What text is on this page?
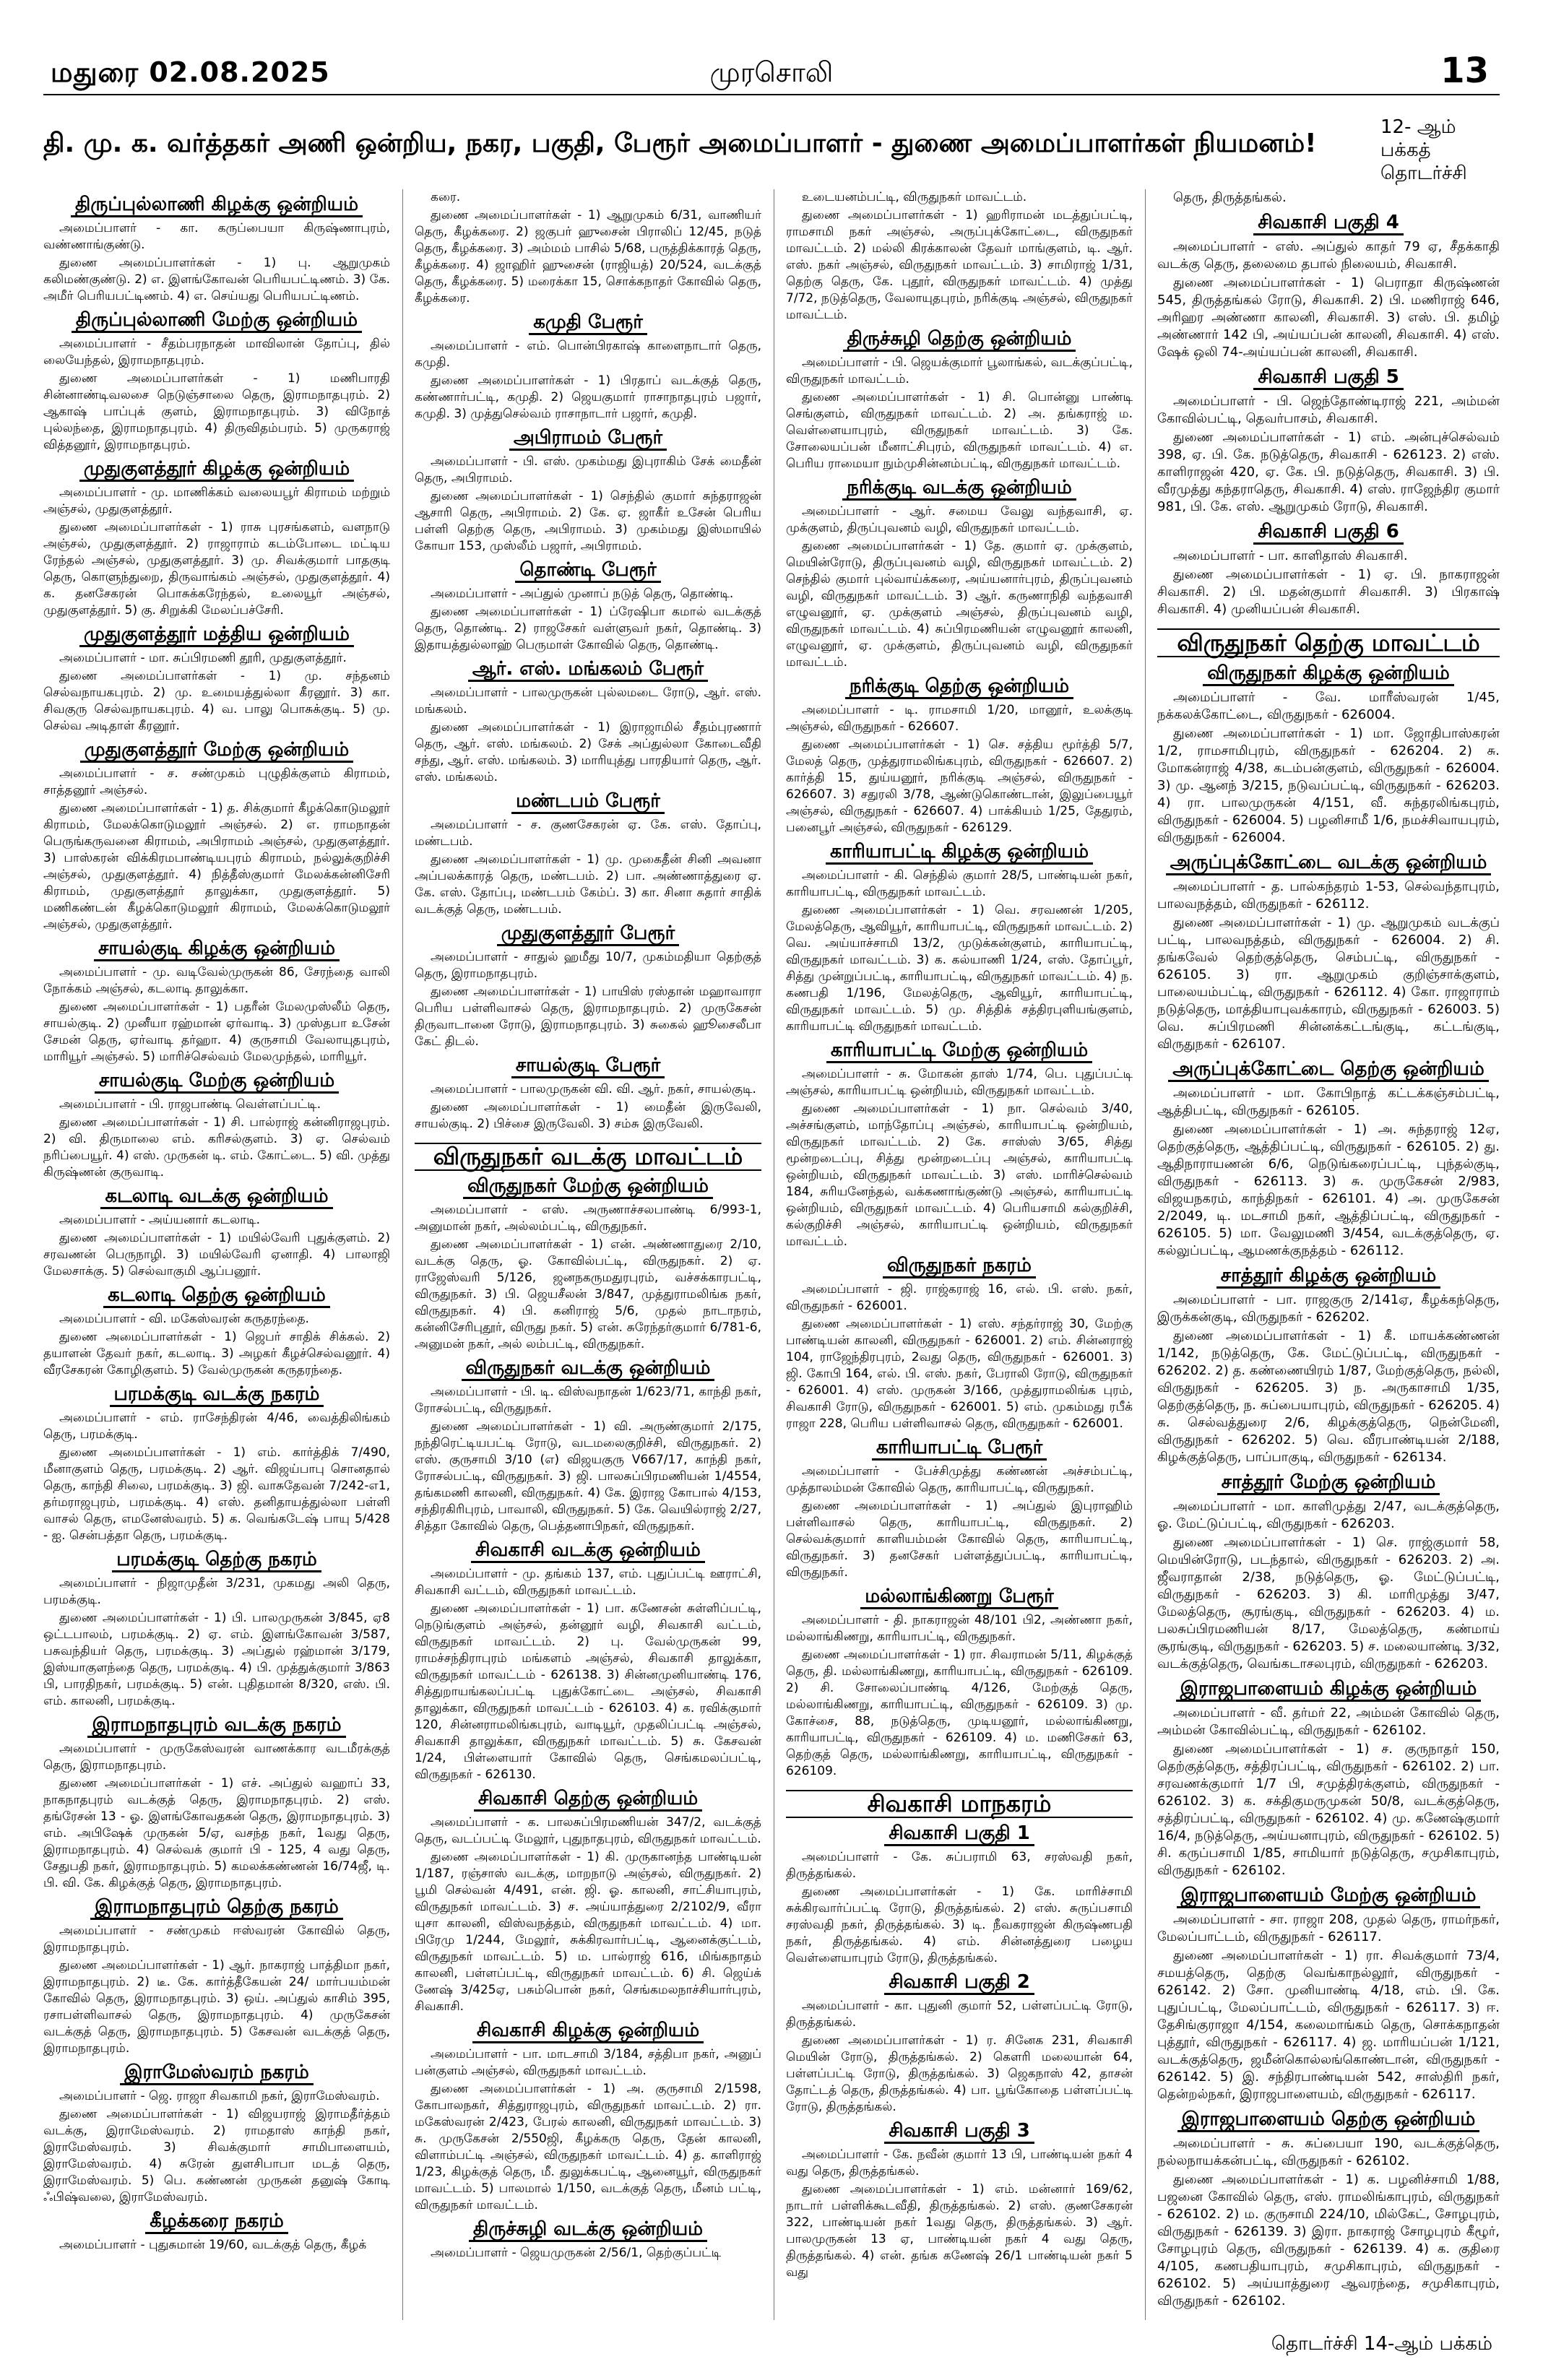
மதுரை 02.08.2025	முரசொலி	13
தி. மு. க. வர்த்தகர் அணி ஒன்றிய, நகர, பகுதி, பேரூர் அமைப்பாளர் - துணை அமைப்பாளர்கள் நியமனம்!
12- ஆம் பக்கத் தொடர்ச்சி
திருப்புல்லாணி கிழக்கு ஒன்றியம்

அமைப்பாளர் - கா. கருப்பையா கிருஷ்ணாபுரம், வண்ணாங்குண்டு.

துணை அமைப்பாளர்கள் - 1) பு. ஆறுமுகம் கலிமண்குண்டு. 2) எ. இளங்கோவன் பெரியபட்டிணம். 3) கே. அமீர் பெரியபட்டிணம். 4) எ. செய்யது பெரியபட்டிணம்.

திருப்புல்லாணி மேற்கு ஒன்றியம்

அமைப்பாளர் - சீதம்பரநாதன் மாவிலான் தோப்பு, தில் லையேந்தல், இராமநாதபுரம்.

துணை அமைப்பாளர்கள் - 1) மணிபாரதி சின்னாண்டிவலசை நெடுஞ்சாலை தெரு, இராமநாதபுரம். 2) ஆகாஷ் பாப்புக் குளம், இராமநாதபுரம். 3) விநோத் புல்லந்தை, இராமநாதபுரம். 4) திருவிதம்பரம். 5) முருகராஜ் வித்தனூர், இராமநாதபுரம்.

முதுகுளத்தூர் கிழக்கு ஒன்றியம்

அமைப்பாளர் - மு. மாணிக்கம் வலையபூர் கிராமம் மற்றும் அஞ்சல், முதுகுளத்தூர்.

துணை அமைப்பாளர்கள் - 1) ராசு புரசங்களம், வளநாடு அஞ்சல், முதுகுளத்தூர். 2) ராஜாராம் கடம்போடை மட்டிய ரேந்தல் அஞ்சல், முதுகுளத்தூர். 3) மு. சிவக்குமார் பாதகுடி தெரு, கொளுந்துறை, திருவாங்கம் அஞ்சல், முதுகுளத்தூர். 4) க. தனசேகரன் பொசுக்கரேந்தல், உலையூர் அஞ்சல், முதுகுளத்தூர். 5) கு. சிறுக்கி மேலப்பச்சேரி.

முதுகுளத்தூர் மத்திய ஒன்றியம்

அமைப்பாளர் - மா. சுப்பிரமணி தூரி, முதுகுளத்தூர்.

துணை அமைப்பாளர்கள் - 1) மு. சந்தனம் செல்வநாயகபுரம். 2) மு. உமையத்துல்லா கீரனூர். 3) கா. சிவகுரு செல்வநாயகபுரம். 4) வ. பாலு பொசுக்குடி. 5) மு. செல்வ அடிதாள் கீரனூர்.

முதுகுளத்தூர் மேற்கு ஒன்றியம்

அமைப்பாளர் - ச. சண்முகம் புழுதிக்குளம் கிராமம், சாத்தனூர் அஞ்சல்.

துணை அமைப்பாளர்கள் - 1) த. சிக்குமார் கீழக்கொடுமலூர் கிராமம், மேலக்கொடுமலூர் அஞ்சல். 2) எ. ராமநாதன் பெருங்கருவனை கிராமம், அபிராமம் அஞ்சல், முதுகுளத்தூர். 3) பாஸ்கரன் விக்கிரமபாண்டியபுரம் கிராமம், நல்லுக்குறிச்சி அஞ்சல், முதுகுளத்தூர். 4) நித்தீஸ்குமார் மேலக்கன்னிசேரி கிராமம், முதுகுளத்தூர் தாலுக்கா, முதுகுளத்தூர். 5) மணிகண்டன் கீழக்கொடுமலூர் கிராமம், மேலக்கொடுமலூர் அஞ்சல், முதுகுளத்தூர்.

சாயல்குடி கிழக்கு ஒன்றியம்

அமைப்பாளர் - மு. வடிவேல்முருகன் 86, சேரந்தை வாலி நோக்கம் அஞ்சல், கடலாடி தாலுக்கா.

துணை அமைப்பாளர்கள் - 1) பதரீன் மேலமுஸ்லீம் தெரு, சாயல்குடி. 2) முனீயா ரஹ்மான் ஏர்வாடி. 3) முஸ்தபா உசேன் சேமன் தெரு, ஏர்வாடி தர்ஹா. 4) குருசாமி வேலாயுதபுரம், மாரியூர் அஞ்சல். 5) மாரிச்செல்வம் மேலமுந்தல், மாரியூர்.

சாயல்குடி மேற்கு ஒன்றியம்

அமைப்பாளர் - பி. ராஜபாண்டி வெள்ளப்பட்டி.

துணை அமைப்பாளர்கள் - 1) சி. பால்ராஜ் கன்னிராஜபுரம். 2) வி. திருமாலை எம். கரிசல்குளம். 3) ஏ. செல்வம் நரிப்பையூர். 4) எஸ். முருகன் டி. எம். கோட்டை. 5) வி. முத்து கிருஷ்ணன் குருவாடி.

கடலாடி வடக்கு ஒன்றியம்

அமைப்பாளர் - அய்யனார் கடலாடி.

துணை அமைப்பாளர்கள் - 1) மயில்வேரி புதுக்குளம். 2) சரவணன் பெருநாழி. 3) மயில்வேரி ஏனாதி. 4) பாலாஜி மேலசாக்கு. 5) செல்வாகுமி ஆப்பனூர்.

கடலாடி தெற்கு ஒன்றியம்

அமைப்பாளர் - வி. மகேஸ்வரன் கருதரந்தை.

துணை அமைப்பாளர்கள் - 1) ஜெபர் சாதிக் சிக்கல். 2) தயாளன் தேவர் நகர், கடலாடி. 3) அழகர் கீழச்செல்வனூர். 4) வீரசேகரன் கோழிகுளம். 5) வேல்முருகன் கருதரந்தை.

பரமக்குடி வடக்கு நகரம்

அமைப்பாளர் - எம். ராசேந்திரன் 4/46, வைத்திலிங்கம் தெரு, பரமக்குடி.

துணை அமைப்பாளர்கள் - 1) எம். கார்த்திக் 7/490, மீனாகுளம் தெரு, பரமக்குடி. 2) ஆர். விஜய்பாபு சொனதால் தெரு, காந்தி சிலை, பரமக்குடி. 3) ஜி. வாசுதேவன் 7/242-எ1, தர்மராஜபுரம், பரமக்குடி. 4) எஸ். தனிதாயத்துல்லா பள்ளி வாசல் தெரு, எமனேஸ்வரம். 5) க. வெங்கடேஷ் பாயு 5/428 - ஐ. சென்பத்தா தெரு, பரமக்குடி.

பரமக்குடி தெற்கு நகரம்

அமைப்பாளர் - நிஜாமுதீன் 3/231, முகமது அலி தெரு, பரமக்குடி.

துணை அமைப்பாளர்கள் - 1) பி. பாலமுருகன் 3/845, ஏ8 ஒட்டபாலம், பரமக்குடி. 2) ஏ. எம். இளங்கோவன் 3/587, பசுவந்தியர் தெரு, பரமக்குடி. 3) அப்துல் ரஹ்மான் 3/179, இஸ்யாகுளந்தை தெரு, பரமக்குடி. 4) பி. முத்துக்குமார் 3/863 பி, பாரதிநகர், பரமக்குடி. 5) என். புதிதமான் 8/320, எஸ். பி. எம். காலனி, பரமக்குடி.

இராமநாதபுரம் வடக்கு நகரம்

அமைப்பாளர் - முருகேஸ்வரன் வாணக்கார வடமீரக்குத் தெரு, இராமநாதபுரம்.

துணை அமைப்பாளர்கள் - 1) எச். அப்துல் வஹாப் 33, நாகநாதபுரம் வடக்குத் தெரு, இராமநாதபுரம். 2) எஸ். தங்ரேசன் 13 - ஓ. இளங்கோவதகன் தெரு, இராமநாதபுரம். 3) எம். அபிஷேக் முருகன் 5/ஏ, வசந்த நகர், 1வது தெரு, இராமநாதபுரம். 4) செல்வக் குமார் பி - 125, 4 வது தெரு, சேதுபதி நகர், இராமநாதபுரம். 5) கமலக்கண்ணன் 16/74ஜீ, டி. பி. வி. கே. கிழக்குத் தெரு, இராமநாதபுரம்.

இராமநாதபுரம் தெற்கு நகரம்

அமைப்பாளர் - சண்முகம் ஈஸ்வரன் கோவில் தெரு, இராமநாதபுரம்.

துணை அமைப்பாளர்கள் - 1) ஆர். நாகராஜ் பாத்திமா நகர், இராமநாதபுரம். 2) டீ. கே. கார்த்தீகேயன் 24/ மார்பயம்மன் கோவில் தெரு, இராமநாதபுரம். 3) ஒய். அப்துல் காசிம் 395, ரசாபள்ளிவாசல் தெரு, இராமநாதபுரம். 4) முருகேசன் வடக்குத் தெரு, இராமநாதபுரம். 5) கேசவன் வடக்குத் தெரு, இராமநாதபுரம்.

இராமேஸ்வரம் நகரம்

அமைப்பாளர் - ஜெ. ராஜா சிவகாமி நகர், இராமேஸ்வரம்.

துணை அமைப்பாளர்கள் - 1) விஜயராஜ் இராமதீர்த்தம் வடக்கு, இராமேஸ்வரம். 2) ராமதாஸ் காந்தி நகர், இராமேஸ்வரம். 3) சிவக்குமார் சாமிபாளையம், இராமேஸ்வரம். 4) சுரேன் துளசிபாபா மடத் தெரு, இராமேஸ்வரம். 5) பெ. கண்ணன் முருகன் தனுஷ் கோடி ஃபிஷ்வலை, இராமேஸ்வரம்.

கீழக்கரை நகரம்

அமைப்பாளர் - புதுசுமான் 19/60, வடக்குத் தெரு, கீழக்

கரை.

துணை அமைப்பாளர்கள் - 1) ஆறுமுகம் 6/31, வாணியர் தெரு, கீழக்கரை. 2) ஜகுபர் ஹுசைன் பிராலிப் 12/45, நடுத் தெரு, கீழக்கரை. 3) அம்மம் பாசில் 5/68, பருத்திக்காரத் தெரு, கீழக்கரை. 4) ஜாஹிர் ஹுசைன் (ராஜியத்) 20/524, வடக்குத் தெரு, கீழக்கரை. 5) மரைக்கா 15, சொக்கநாதர் கோவில் தெரு, கீழக்கரை.

கமுதி பேரூர்

அமைப்பாளர் - எம். பொன்பிரகாஷ் காளைநாடார் தெரு, கமுதி.

துணை அமைப்பாளர்கள் - 1) பிரதாப் வடக்குத் தெரு, கண்ணார்பட்டி, கமுதி. 2) ஜெயகுமார் ராசாநாதபுரம் பஜார், கமுதி. 3) முத்துசெல்வம் ராசாநாடார் பஜார், கமுதி.

அபிராமம் பேரூர்

அமைப்பாளர் - பி. எஸ். முகம்மது இபுராகிம் சேக் மைதீன் தெரு, அபிராமம்.

துணை அமைப்பாளர்கள் - 1) செந்தில் குமார் சுந்தராஜன் ஆசாரி தெரு, அபிராமம். 2) கே. ஏ. ஜாகீர் உசேன் பெரிய பள்ளி தெற்கு தெரு, அபிராமம். 3) முகம்மது இஸ்மாயில் கோயா 153, முஸ்லீம் பஜார், அபிராமம்.

தொண்டி பேரூர்

அமைப்பாளர் - அப்துல் முனாப் நடுத் தெரு, தொண்டி.

துணை அமைப்பாளர்கள் - 1) ப்ரேஷிபா கமால் வடக்குத் தெரு, தொண்டி. 2) ராஜசேகர் வள்ளுவர் நகர், தொண்டி. 3) இதாயத்துல்லாஹ் பெருமாள் கோவில் தெரு, தொண்டி.

ஆர். எஸ். மங்கலம் பேரூர்

அமைப்பாளர் - பாலமுருகன் புல்லமடை ரோடு, ஆர். எஸ். மங்கலம்.

துணை அமைப்பாளர்கள் - 1) இராஜாமில் சீதம்புரணார் தெரு, ஆர். எஸ். மங்கலம். 2) சேக் அப்துல்லா கோடைவீதி சந்து, ஆர். எஸ். மங்கலம். 3) மாரியுத்து பாரதியார் தெரு, ஆர். எஸ். மங்கலம்.

மண்டபம் பேரூர்

அமைப்பாளர் - ச. குணசேகரன் ஏ. கே. எஸ். தோப்பு, மண்டபம்.

துணை அமைப்பாளர்கள் - 1) மு. முகைதீன் சினி அவனா அப்பலக்காரத் தெரு, மண்டபம். 2) பா. அண்ணாத்துரை ஏ. கே. எஸ். தோப்பு, மண்டபம் கேம்ப். 3) கா. சினா சுதார் சாதிக் வடக்குத் தெரு, மண்டபம்.

முதுகுளத்தூர் பேரூர்

அமைப்பாளர் - சாதுல் ஹமீது 10/7, முகம்மதியா தெற்குத் தெரு, இராமநாதபுரம்.

துணை அமைப்பாளர்கள் - 1) பாயிஸ் ரஸ்தான் மஹாவாரா பெரிய பள்ளிவாசல் தெரு, இராமநாதபுரம். 2) முருகேசன் திருவாடானை ரோடு, இராமநாதபுரம். 3) சுகைல் ஹூசைலீபா கேட் திடல்.

சாயல்குடி பேரூர்

அமைப்பாளர் - பாலமுருகன் வி. வி. ஆர். நகர், சாயல்குடி.

துணை அமைப்பாளர்கள் - 1) மைதீன் இருவேலி, சாயல்குடி. 2) பிச்சை இருவேலி. 3) சம்சு இருவேலி.

விருதுநகர் வடக்கு மாவட்டம்
விருதுநகர் மேற்கு ஒன்றியம்

அமைப்பாளர் - எஸ். அருணாச்சலபாண்டி 6/993-1, அனுமான் நகர், அல்லம்பட்டி, விருதுநகர்.

துணை அமைப்பாளர்கள் - 1) என். அண்ணாதுரை 2/10, வடக்கு தெரு, ஓ. கோவில்பட்டி, விருதுநகர். 2) ஏ. ராஜேஸ்வரி 5/126, ஜனநகருமதுரபுரம், வச்சக்காரபட்டி, விருதுநகர். 3) பி. ஜெயசீலன் 3/847, முத்துராமலிங்க நகர், விருதுநகர். 4) பி. கனிராஜ் 5/6, முதல் நாடாநரம், கன்னிசேரிபுதூர், விருது நகர். 5) என். சுரேந்தர்குமார் 6/781-6, அனுமன் நகர், அல் லம்பட்டி, விருதுநகர்.

விருதுநகர் வடக்கு ஒன்றியம்

அமைப்பாளர் - பி. டி. விஸ்வநாதன் 1/623/71, காந்தி நகர், ரோசல்பட்டி, விருதுநகர்.

துணை அமைப்பாளர்கள் - 1) வி. அருண்குமார் 2/175, நந்திரெட்டியபட்டி ரோடு, வடமலைகுறிச்சி, விருதுநகர். 2) எஸ். குருசாமி 3/10 (எ) விஜயகுரு V667/17, காந்தி நகர், ரோசல்பட்டி, விருதுநகர். 3) ஜி. பாலசுப்பிரமணியன் 1/4554, தங்கமணி காலனி, விருதுநகர். 4) கே. இராஜ கோபால் 4/153, சந்திரகிரிபுரம், பாவாலி, விருதுநகர். 5) கே. வெயில்ராஜ் 2/27, சித்தா கோவில் தெரு, பெத்தனாபிநகர், விருதுநகர்.

சிவகாசி வடக்கு ஒன்றியம்

அமைப்பாளர் - மு. தங்கம் 137, எம். புதுப்பட்டி ஊராட்சி, சிவகாசி வட்டம், விருதுநகர் மாவட்டம்.

துணை அமைப்பாளர்கள் - 1) பா. கணேசன் சுள்ளிப்பட்டி, நெடுங்குளம் அஞ்சல், தன்னூர் வழி, சிவகாசி வட்டம், விருதுநகர் மாவட்டம். 2) பு. வேல்முருகன் 99, ராமச்சந்திராபுரம் மங்களம் அஞ்சல், சிவகாசி தாலுக்கா, விருதுநகர் மாவட்டம் - 626138. 3) சின்னமுனியாண்டி 176, சித்துறாயங்கலப்பட்டி புதுக்கோட்டை அஞ்சல், சிவகாசி தாலுக்கா, விருதுநகர் மாவட்டம் - 626103. 4) க. ரவிக்குமார் 120, சின்னராமலிங்கபுரம், வாடியூர், முதலிப்பட்டி அஞ்சல், சிவகாசி தாலுக்கா, விருதுநகர் மாவட்டம். 5) சு. கேசவன் 1/24, பிள்ளையார் கோவில் தெரு, செங்கமலப்பட்டி, விருதுநகர் - 626130.

சிவகாசி தெற்கு ஒன்றியம்

அமைப்பாளர் - க. பாலசுப்பிரமணியன் 347/2, வடக்குத் தெரு, வடப்பட்டி மேலூர், புதுநாதபுரம், விருதுநகர் மாவட்டம்.

துணை அமைப்பாளர்கள் - 1) கி. முருகானந்த பாண்டியன் 1/187, ரஞ்சாஸ் வடக்கு, மாறநாடு அஞ்சல், விருதுநகர். 2) பூமி செல்வன் 4/491, என். ஜி. ஓ. காலனி, சாட்சியாபுரம், விருதுநகர் மாவட்டம். 3) ச. அய்யாத்துரை 2/2102/9, வீரா யுசா காலனி, விஸ்வநத்தம், விருதுநகர் மாவட்டம். 4) மா. பிரேமு 1/244, மேலூர், சுக்கிரவார்பட்டி, ஆனைக்குட்டம், விருதுநகர் மாவட்டம். 5) ம. பால்ராஜ் 616, மிங்கநாதம் காலனி, பள்ளப்பட்டி, விருதுநகர் மாவட்டம். 6) சி. ஜெய்க் ணேஷ் 3/425ஏ, பசும்பொன் நகர், செங்கமலநாச்சியார்புரம், சிவகாசி.

சிவகாசி கிழக்கு ஒன்றியம்

அமைப்பாளர் - பா. மாடசாமி 3/184, சத்திபா நகர், அனுப் பன்குளம் அஞ்சல், விருதுநகர் மாவட்டம்.

துணை அமைப்பாளர்கள் - 1) அ. குருசாமி 2/1598, கோபாலநகர், சித்துராஜபுரம், விருதுநகர் மாவட்டம். 2) ரா. மகேஸ்வரன் 2/423, பேரல் காலனி, விருதுநகர் மாவட்டம். 3) சு. முருகேசன் 2/550ஜி, கீழக்கரு தெரு, தேன் காலனி, விளாம்பட்டி அஞ்சல், விருதுநகர் மாவட்டம். 4) த. காளிராஜ் 1/23, கிழக்குத் தெரு, மீ. துலுக்கபட்டி, ஆனையூர், விருதுநகர் மாவட்டம். 5) பாலமால் 1/150, வடக்குத் தெரு, மீனம் பட்டி, விருதுநகர் மாவட்டம்.

திருச்சுழி வடக்கு ஒன்றியம்

அமைப்பாளர் - ஜெயமுருகன் 2/56/1, தெற்குப்பட்டி

உடையனம்பட்டி, விருதுநகர் மாவட்டம்.

துணை அமைப்பாளர்கள் - 1) ஹரிராமன் மடத்துப்பட்டி, ராமசாமி நகர் அஞ்சல், அருப்புக்கோட்டை, விருதுநகர் மாவட்டம். 2) மல்லி கிரக்காலன் தேவர் மாங்குளம், டி. ஆர். எஸ். நகர் அஞ்சல், விருதுநகர் மாவட்டம். 3) சாமிராஜ் 1/31, தெற்கு தெரு, கே. புதூர், விருதுநகர் மாவட்டம். 4) முத்து 7/72, நடுத்தெரு, வேலாயுதபுரம், நரிக்குடி அஞ்சல், விருதுநகர் மாவட்டம்.

திருச்சுழி தெற்கு ஒன்றியம்

அமைப்பாளர் - பி. ஜெயக்குமார் பூலாங்கல், வடக்குப்பட்டி, விருதுநகர் மாவட்டம்.

துணை அமைப்பாளர்கள் - 1) சி. பொன்னு பாண்டி செங்குளம், விருதுநகர் மாவட்டம். 2) அ. தங்கராஜ் ம. வெள்ளையாபுரம், விருதுநகர் மாவட்டம். 3) கே. சோலையப்பன் மீனாட்சிபுரம், விருதுநகர் மாவட்டம். 4) எ. பெரிய ராமையா நும்முசின்னம்பட்டி, விருதுநகர் மாவட்டம்.

நரிக்குடி வடக்கு ஒன்றியம்

அமைப்பாளர் - ஆர். சமைய வேலு வந்தவாசி, ஏ. முக்குளம், திருப்புவனம் வழி, விருதுநகர் மாவட்டம்.

துணை அமைப்பாளர்கள் - 1) தே. குமார் ஏ. முக்குளம், மெயின்ரோடு, திருப்புவனம் வழி, விருதுநகர் மாவட்டம். 2) செந்தில் குமார் புல்வாய்க்கரை, அய்யனார்புரம், திருப்புவனம் வழி, விருதுநகர் மாவட்டம். 3) ஆர். கருணாநிதி வந்தவாசி எழுவனூர், ஏ. முக்குளம் அஞ்சல், திருப்புவனம் வழி, விருதுநகர் மாவட்டம். 4) சுப்பிரமணியன் எழுவனூர் காலனி, எழுவனூர், ஏ. முக்குளம், திருப்புவனம் வழி, விருதுநகர் மாவட்டம்.

நரிக்குடி தெற்கு ஒன்றியம்

அமைப்பாளர் - டி. ராமசாமி 1/20, மானூர், உலக்குடி அஞ்சல், விருதுநகர் - 626607.

துணை அமைப்பாளர்கள் - 1) செ. சத்திய மூர்த்தி 5/7, மேலத் தெரு, முத்துராமலிங்கபுரம், விருதுநகர் - 626607. 2) கார்த்தி 15, துய்யனூர், நரிக்குடி அஞ்சல், விருதுநகர் - 626607. 3) சதுரலி 3/78, ஆண்டுகொண்டான், இலுப்பையூர் அஞ்சல், விருதுநகர் - 626607. 4) பாக்கியம் 1/25, தேதுரம், பனைபூர் அஞ்சல், விருதுநகர் - 626129.

காரியாபட்டி கிழக்கு ஒன்றியம்

அமைப்பாளர் - கி. செந்தில் குமார் 28/5, பாண்டியன் நகர், காரியாபட்டி, விருதுநகர் மாவட்டம்.

துணை அமைப்பாளர்கள் - 1) வெ. சரவணன் 1/205, மேலத்தெரு, ஆவியூர், காரியாபட்டி, விருதுநகர் மாவட்டம். 2) வெ. அய்யாச்சாமி 13/2, முடுக்கன்குளம், காரியாபட்டி, விருதுநகர் மாவட்டம். 3) க. கல்யாணி 1/24, எஸ். தோப்பூர், சித்து முன்றுப்பட்டி, காரியாபட்டி, விருதுநகர் மாவட்டம். 4) ந. கணபதி 1/196, மேலத்தெரு, ஆவியூர், காரியாபட்டி, விருதுநகர் மாவட்டம். 5) மு. சித்திக் சத்திரபுளியங்குளம், காரியாபட்டி விருதுநகர் மாவட்டம்.

காரியாபட்டி மேற்கு ஒன்றியம்

அமைப்பாளர் - சு. மோகன் தாஸ் 1/74, பெ. புதுப்பட்டி அஞ்சல், காரியாபட்டி ஒன்றியம், விருதுநகர் மாவட்டம்.

துணை அமைப்பாளர்கள் - 1) நா. செல்வம் 3/40, அச்சங்குளம், மாந்தோப்பு அஞ்சல், காரியாபட்டி ஒன்றியம், விருதுநகர் மாவட்டம். 2) கே. சாஸ்ஸ் 3/65, சித்து மூன்றடைப்பு, சித்து மூன்றடைப்பு அஞ்சல், காரியாபட்டி ஒன்றியம், விருதுநகர் மாவட்டம். 3) எஸ். மாரிச்செல்வம் 184, சுரியனேந்தல், வக்கணாங்குண்டு அஞ்சல், காரியாபட்டி ஒன்றியம், விருதுநகர் மாவட்டம். 4) பெரியசாமி கல்குறிச்சி, கல்குறிச்சி அஞ்சல், காரியாபட்டி ஒன்றியம், விருதுநகர் மாவட்டம்.

விருதுநகர் நகரம்

அமைப்பாளர் - ஜி. ராஜ்கராஜ் 16, எல். பி. எஸ். நகர், விருதுநகர் - 626001.

துணை அமைப்பாளர்கள் - 1) எஸ். சந்தர்ராஜ் 30, மேற்கு பாண்டியன் காலனி, விருதுநகர் - 626001. 2) எம். சின்னராஜ் 104, ராஜேந்திரபுரம், 2வது தெரு, விருதுநகர் - 626001. 3) ஜி. கோபி 164, எல். பி. எஸ். நகர், பேராலி ரோடு, விருதுநகர் - 626001. 4) எஸ். முருகன் 3/166, முத்துராமலிங்க புரம், சிவகாசி ரோடு, விருதுநகர் - 626001. 5) எம். முகம்மது ரபீக் ராஜா 228, பெரிய பள்ளிவாசல் தெரு, விருதுநகர் - 626001.

காரியாபட்டி பேரூர்

அமைப்பாளர் - பேச்சிமுத்து கண்ணன் அச்சம்பட்டி, முத்தாலம்மன் கோவில் தெரு, காரியாபட்டி, விருதுநகர்.

துணை அமைப்பாளர்கள் - 1) அப்துல் இபுராஹிம் பள்ளிவாசல் தெரு, காரியாபட்டி, விருதுநகர். 2) செல்வக்குமார் காளியம்மன் கோவில் தெரு, காரியாபட்டி, விருதுநகர். 3) தனசேகர் பள்ளத்துப்பட்டி, காரியாபட்டி, விருதுநகர்.

மல்லாங்கிணறு பேரூர்

அமைப்பாளர் - தி. நாகராஜன் 48/101 பி2, அண்ணா நகர், மல்லாங்கிணறு, காரியாபட்டி, விருதுநகர்.

துணை அமைப்பாளர்கள் - 1) ரா. சிவராமன் 5/11, கிழக்குத் தெரு, தி. மல்லாங்கிணறு, காரியாபட்டி, விருதுநகர் - 626109. 2) சி. சோலைப்பாண்டி 4/126, மேற்குத் தெரு, மல்லாங்கிணறு, காரியாபட்டி, விருதுநகர் - 626109. 3) மு. கோச்சை, 88, நடுத்தெரு, முடியனூர், மல்லாங்கிணறு, காரியாபட்டி, விருதுநகர் - 626109. 4) ம. மணிசேகர் 63, தெற்குத் தெரு, மல்லாங்கிணறு, காரியாபட்டி, விருதுநகர் - 626109.

சிவகாசி மாநகரம்
சிவகாசி பகுதி 1

அமைப்பாளர் - கே. சுப்பராமி 63, சரஸ்வதி நகர், திருத்தங்கல்.

துணை அமைப்பாளர்கள் - 1) கே. மாரிச்சாமி சுக்கிரவார்ப்பட்டி ரோடு, திருத்தங்கல். 2) எஸ். சுருப்பசாமி சரஸ்வதி நகர், திருத்தங்கல். 3) டி. நீவகராஜன் கிருஷ்ணபதி நகர், திருத்தங்கல். 4) எம். சின்னத்துரை பழைய வெள்ளையாபுரம் ரோடு, திருத்தங்கல்.

சிவகாசி பகுதி 2

அமைப்பாளர் - கா. புதுனி குமார் 52, பள்ளப்பட்டி ரோடு, திருத்தங்கல்.

துணை அமைப்பாளர்கள் - 1) ர. சினேக 231, சிவகாசி மெயின் ரோடு, திருத்தங்கல். 2) கௌரி மலையான் 64, பள்ளப்பட்டி ரோடு, திருத்தங்கல். 3) ஜெகநாஸ் 42, தாசன் தோட்டத் தெரு, திருத்தங்கல். 4) பா. பூங்கோதை பள்ளப்பட்டி ரோடு, திருத்தங்கல்.

சிவகாசி பகுதி 3

அமைப்பாளர் - கே. நவீன் குமார் 13 பி, பாண்டியன் நகர் 4 வது தெரு, திருத்தங்கல்.

துணை அமைப்பாளர்கள் - 1) எம். மன்னார் 169/62, நாடார் பள்ளிக்கூடவீதி, திருத்தங்கல். 2) எஸ். குணசேகரன் 322, பாண்டியன் நகர் 1வது தெரு, திருத்தங்கல். 3) ஆர். பாலமுருகன் 13 ஏ, பாண்டியன் நகர் 4 வது தெரு, திருத்தங்கல். 4) என். தங்க கணேஷ் 26/1 பாண்டியன் நகர் 5 வது

தெரு, திருத்தங்கல்.

சிவகாசி பகுதி 4

அமைப்பாளர் - எஸ். அப்துல் காதர் 79 ஏ, சீதக்காதி வடக்கு தெரு, தலைமை தபால் நிலையம், சிவகாசி.

துணை அமைப்பாளர்கள் - 1) பெராதா கிருஷ்ணன் 545, திருத்தங்கல் ரோடு, சிவகாசி. 2) பி. மணிராஜ் 646, அரிஹர அண்ணா காலனி, சிவகாசி. 3) எஸ். பி. தமிழ் அண்ணார் 142 பி, அய்யப்பன் காலனி, சிவகாசி. 4) எஸ். ஷேக் ஒலி 74-அய்யப்பன் காலனி, சிவகாசி.

சிவகாசி பகுதி 5

அமைப்பாளர் - பி. ஜெந்தோண்டிராஜ் 221, அம்மன் கோவில்பட்டி, தெவர்பாசம், சிவகாசி.

துணை அமைப்பாளர்கள் - 1) எம். அன்புச்செல்வம் 398, ஏ. பி. கே. நடுத்தெரு, சிவகாசி - 626123. 2) எஸ். காளிராஜன் 420, ஏ. கே. பி. நடுத்தெரு, சிவகாசி. 3) பி. வீரமுத்து கந்தராதெரு, சிவகாசி. 4) எஸ். ராஜேந்திர குமார் 981, பி. கே. எஸ். ஆறுமுகம் ரோடு, சிவகாசி.

சிவகாசி பகுதி 6

அமைப்பாளர் - பா. காளிதாஸ் சிவகாசி.

துணை அமைப்பாளர்கள் - 1) ஏ. பி. நாகராஜன் சிவகாசி. 2) பி. மதன்குமார் சிவகாசி. 3) பிரகாஷ் சிவகாசி. 4) முனியப்பன் சிவகாசி.

விருதுநகர் தெற்கு மாவட்டம்
விருதுநகர் கிழக்கு ஒன்றியம்

அமைப்பாளர் - வே. மாரீஸ்வரன் 1/45, நக்கலக்கோட்டை, விருதுநகர் - 626004.

துணை அமைப்பாளர்கள் - 1) மா. ஜோதிபாஸ்கரன் 1/2, ராமசாமிபுரம், விருதுநகர் - 626204. 2) சு. மோகன்ராஜ் 4/38, கடம்பன்குளம், விருதுநகர் - 626004. 3) மு. ஆனந் 3/215, நடுவப்பட்டி, விருதுநகர் - 626203. 4) ரா. பாலமுருகன் 4/151, வீ. சுந்தரலிங்கபுரம், விருதுநகர் - 626004. 5) பழனிசாமீ 1/6, நமச்சிவாயபுரம், விருதுநகர் - 626004.

அருப்புக்கோட்டை வடக்கு ஒன்றியம்

அமைப்பாளர் - த. பால்கந்தரம் 1-53, செல்வந்தாபுரம், பாலவநத்தம், விருதுநகர் - 626112.

துணை அமைப்பாளர்கள் - 1) மு. ஆறுமுகம் வடக்குப் பட்டி, பாலவநத்தம், விருதுநகர் - 626004. 2) சி. தங்கவேல் தெற்குத்தெரு, செம்பட்டி, விருதுநகர் - 626105. 3) ரா. ஆறுமுகம் குறிஞ்சாக்குளம், பாலையம்பட்டி, விருதுநகர் - 626112. 4) கோ. ராஜாராம் நடுத்தெரு, மாத்தியாபுவக்காரம், விருதுநகர் - 626003. 5) வெ. சுப்பிரமணி சின்னக்கட்டங்குடி, கட்டங்குடி, விருதுநகர் - 626107.

அருப்புக்கோட்டை தெற்கு ஒன்றியம்

அமைப்பாளர் - மா. கோபிநாத் கட்டக்கஞ்சம்பட்டி, ஆத்திபட்டி, விருதுநகர் - 626105.

துணை அமைப்பாளர்கள் - 1) அ. சுந்தராஜ் 12ஏ, தெற்குத்தெரு, ஆத்திப்பட்டி, விருதுநகர் - 626105. 2) து. ஆதிநாராயணன் 6/6, நெடுங்கரைப்பட்டி, புந்தல்குடி, விருதுநகர் - 626113. 3) சு. முருகேசன் 2/983, விஜயநகரம், காந்திநகர் - 626101. 4) அ. முருகேசன் 2/2049, டி. மடசாமி நகர், ஆத்திப்பட்டி, விருதுநகர் - 626105. 5) மா. வேலுமணி 3/454, வடக்குத்தெரு, ஏ. கல்லுப்பட்டி, ஆமணக்குநத்தம் - 626112.

சாத்தூர் கிழக்கு ஒன்றியம்

அமைப்பாளர் - பா. ராஜகுரு 2/141ஏ, கீழக்கந்தெரு, இருக்கன்குடி, விருதுநகர் - 626202.

துணை அமைப்பாளர்கள் - 1) கீ. மாயக்கண்ணன் 1/142, நடுத்தெரு, கே. மேட்டுப்பட்டி, விருதுநகர் - 626202. 2) த. கண்ணையிரம் 1/87, மேற்குத்தெரு, நல்லி, விருதுநகர் - 626205. 3) ந. அருகாசாமி 1/35, தெற்குத்தெரு, ந. சுப்பையாபுரம், விருதுநகர் - 626205. 4) சு. செல்வத்துரை 2/6, கிழக்குத்தெரு, நென்மேனி, விருதுநகர் - 626202. 5) வெ. வீரபாண்டியன் 2/188, கிழக்குத்தெரு, பாப்பாகுடி, விருதுநகர் - 626134.

சாத்தூர் மேற்கு ஒன்றியம்

அமைப்பாளர் - மா. காளிமுத்து 2/47, வடக்குத்தெரு, ஓ. மேட்டுப்பட்டி, விருதுநகர் - 626203.

துணை அமைப்பாளர்கள் - 1) செ. ராஜ்குமார் 58, மெயின்ரோடு, படந்தால், விருதுநகர் - 626203. 2) அ. ஜீவராதான் 2/38, நடுத்தெரு, ஓ. மேட்டுப்பட்டி, விருதுநகர் - 626203. 3) கி. மாரிமுத்து 3/47, மேலத்தெரு, சூரங்குடி, விருதுநகர் - 626203. 4) ம. பலசுப்பிரமணியன் 8/17, மேலத்தெரு, கண்மாய் சூரங்குடி, விருதுநகர் - 626203. 5) ச. மலையாண்டி 3/32, வடக்குத்தெரு, வெங்கடாசலபுரம், விருதுநகர் - 626203.

இராஜபாளையம் கிழக்கு ஒன்றியம்

அமைப்பாளர் - வீ. தர்மர் 22, அம்மன் கோவில் தெரு, அம்மன் கோவில்பட்டி, விருதுநகர் - 626102.

துணை அமைப்பாளர்கள் - 1) ச. குருநாதர் 150, தெற்குத்தெரு, சத்திரப்பட்டி, விருதுநகர் - 626102. 2) பா. சரவணக்குமார் 1/7 பி, சமுத்திரக்குளம், விருதுநகர் - 626102. 3) க. சக்திகுமருமுகன் 50/8, வடக்குத்தெரு, சத்திரப்பட்டி, விருதுநகர் - 626102. 4) மு. கணேஷ்குமார் 16/4, நடுத்தெரு, அய்யனாபுரம், விருதுநகர் - 626102. 5) சி. கருப்பசாமி 1/85, சாமியார் நடுத்தெரு, சமுசிகாபுரம், விருதுநகர் - 626102.

இராஜபாளையம் மேற்கு ஒன்றியம்

அமைப்பாளர் - சா. ராஜா 208, முதல் தெரு, ராமர்நகர், மேலப்பாட்டம், விருதுநகர் - 626117.

துணை அமைப்பாளர்கள் - 1) ரா. சிவக்குமார் 73/4, சமயத்தெரு, தெற்கு வெங்காநல்லூர், விருதுநகர் - 626142. 2) சோ. முனியாண்டி 4/18, எம். பி. கே. புதுப்பட்டி, மேலப்பாட்டம், விருதுநகர் - 626117. 3) ஈ. தேசிங்குராஜா 4/154, கலைமாங்கம் தெரு, சொக்கநாதன் புத்தூர், விருதுநகர் - 626117. 4) ஜ. மாரியப்பன் 1/121, வடக்குத்தெரு, ஜமீன்கொல்லங்கொண்டான், விருதுநகர் - 626142. 5) இ. சந்திரபாண்டியன் 542, சாஸ்திரி நகர், தென்றல்நகர், இராஜபாளையம், விருதுநகர் - 626117.

இராஜபாளையம் தெற்கு ஒன்றியம்

அமைப்பாளர் - சு. சுப்பையா 190, வடக்குத்தெரு, நல்லநாயக்கன்பட்டி, விருதுநகர் - 626102.

துணை அமைப்பாளர்கள் - 1) க. பழனிச்சாமி 1/88, பஜனை கோவில் தெரு, எஸ். ராமலிங்காபுரம், விருதுநகர் - 626102. 2) ம. குருசாமி 224/10, மில்கேட், சோழபுரம், விருதுநகர் - 626139. 3) இரா. நாகராஜ் சோழபுரம் கீழூர், சோழபுரம் தெரு, விருதுநகர் - 626139. 4) க. குதிரை 4/105, கணபதியாபுரம், சமுசிகாபுரம், விருதுநகர் - 626102. 5) அய்யாத்துரை ஆவரந்தை, சமுசிகாபுரம், விருதுநகர் - 626102.

தொடர்ச்சி 14-ஆம் பக்கம்
